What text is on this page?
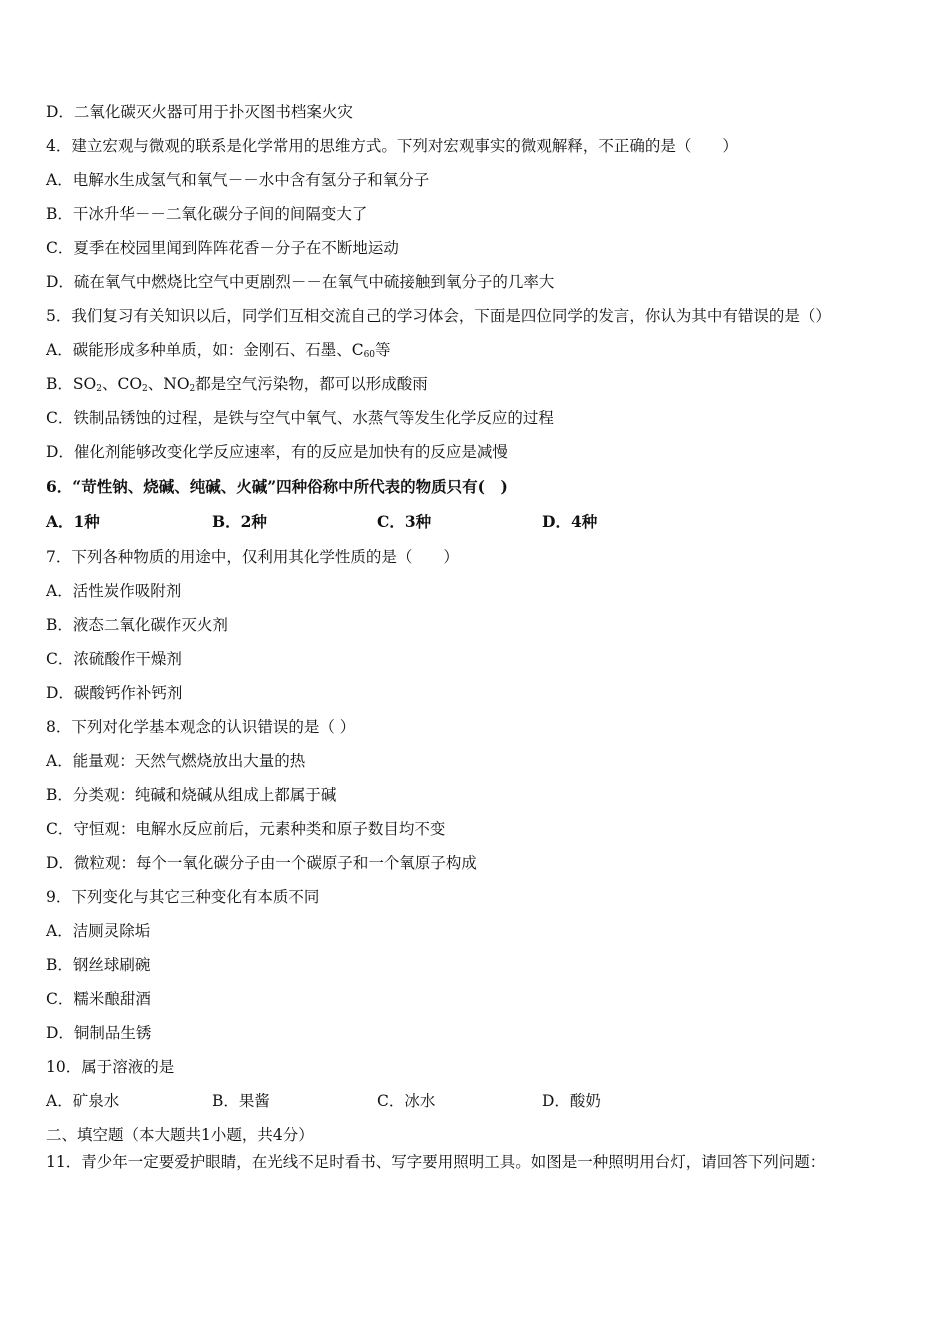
D．二氧化碳灭火器可用于扑灭图书档案火灾
4．建立宏观与微观的联系是化学常用的思维方式。下列对宏观事实的微观解释，不正确的是（　　）
A．电解水生成氢气和氧气－－水中含有氢分子和氧分子
B．干冰升华－－二氧化碳分子间的间隔变大了
C．夏季在校园里闻到阵阵花香－分子在不断地运动
D．硫在氧气中燃烧比空气中更剧烈－－在氧气中硫接触到氧分子的几率大
5．我们复习有关知识以后，同学们互相交流自己的学习体会，下面是四位同学的发言，你认为其中有错误的是（）
A．碳能形成多种单质，如：金刚石、石墨、$C_{60}$等
B．$SO_2$、$CO_2$、$NO_2$都是空气污染物，都可以形成酸雨
C．铁制品锈蚀的过程，是铁与空气中氧气、水蒸气等发生化学反应的过程
D．催化剂能够改变化学反应速率，有的反应是加快有的反应是减慢
6．“苛性钠、烧碱、纯碱、火碱”四种俗称中所代表的物质只有(　)
A．1种	B．2种	C．3种	D．4种
7．下列各种物质的用途中，仅利用其化学性质的是（　　）
A．活性炭作吸附剂
B．液态二氧化碳作灭火剂
C．浓硫酸作干燥剂
D．碳酸钙作补钙剂
8．下列对化学基本观念的认识错误的是（ ）
A．能量观：天然气燃烧放出大量的热
B．分类观：纯碱和烧碱从组成上都属于碱
C．守恒观：电解水反应前后，元素种类和原子数目均不变
D．微粒观：每个一氧化碳分子由一个碳原子和一个氧原子构成
9．下列变化与其它三种变化有本质不同
A．洁厕灵除垢
B．钢丝球刷碗
C．糯米酿甜酒
D．铜制品生锈
10．属于溶液的是
A．矿泉水	B．果酱	C．冰水	D．酸奶
二、填空题（本大题共1小题，共4分）
11．青少年一定要爱护眼睛，在光线不足时看书、写字要用照明工具。如图是一种照明用台灯，请回答下列问题：
